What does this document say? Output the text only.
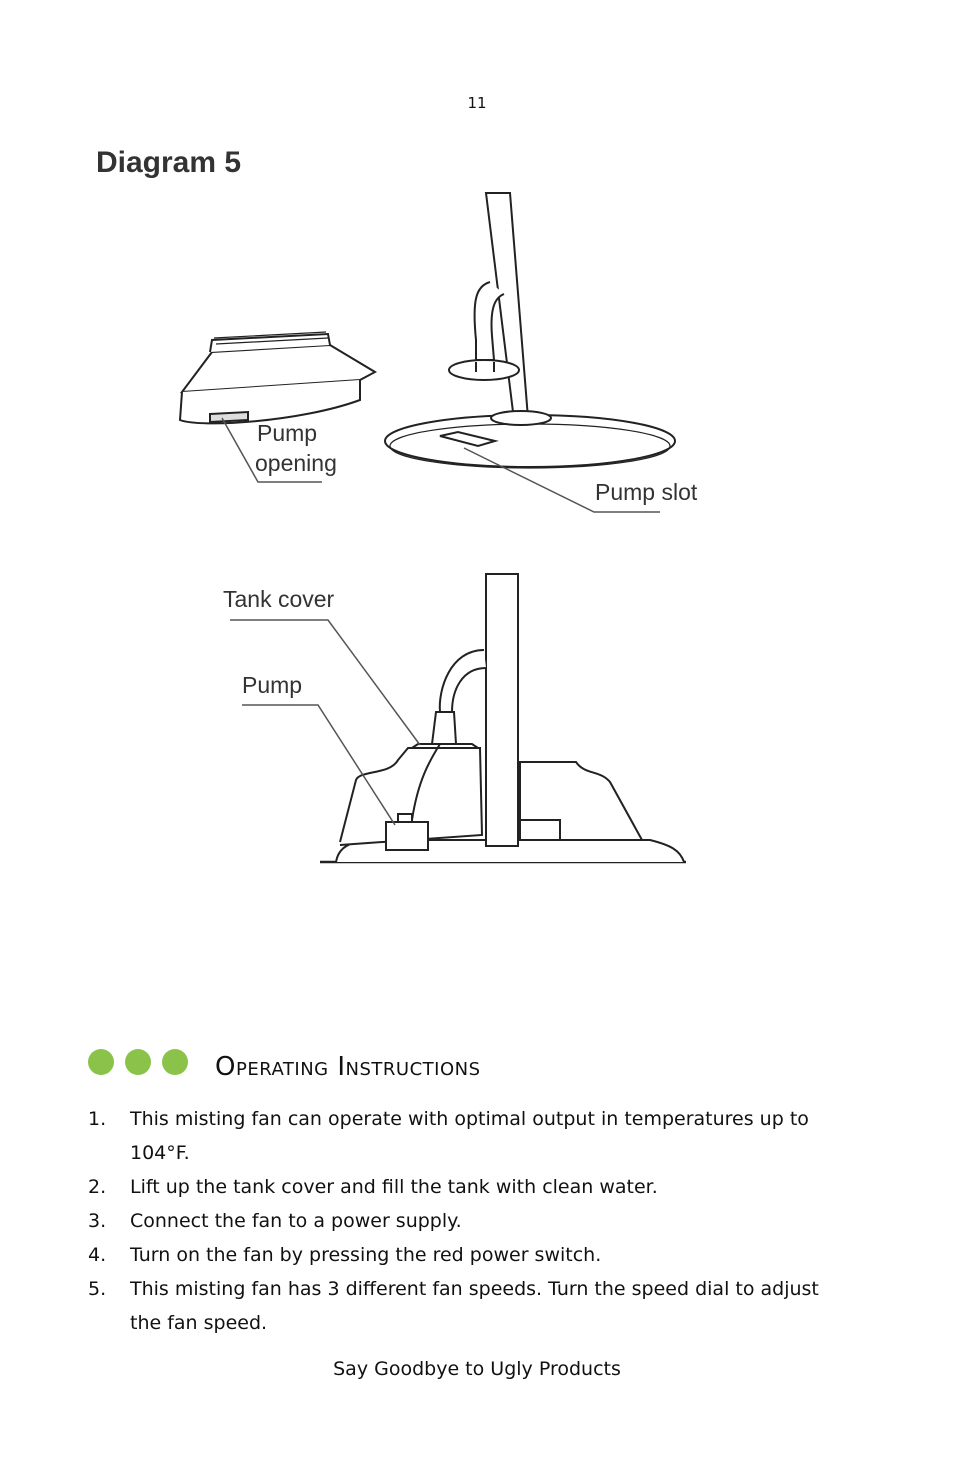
11
Diagram 5
Pump
opening
Pump slot
Tank cover
Pump
Operating Instructions
1.	This misting fan can operate with optimal output in temperatures up to 104°F.
2.	Lift up the tank cover and fill the tank with clean water.
3.	Connect the fan to a power supply.
4.	Turn on the fan by pressing the red power switch.
5.	This misting fan has 3 different fan speeds. Turn the speed dial to adjust the fan speed.
Say Goodbye to Ugly Products
